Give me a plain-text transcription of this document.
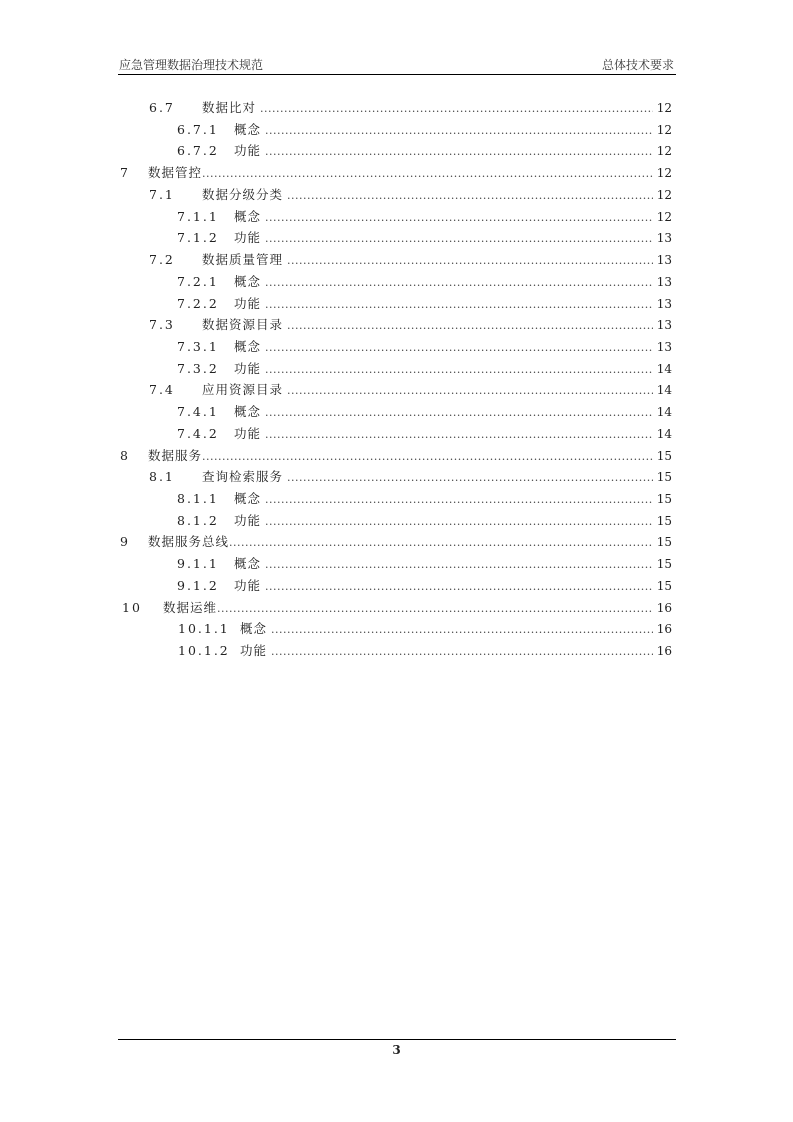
应急管理数据治理技术规范	总体技术要求
6.7	数据比对 .....	12
6.7.1	概念 .....	12
6.7.2	功能 .....	12
7	数据管控 .....	12
7.1	数据分级分类 .....	12
7.1.1	概念 .....	12
7.1.2	功能 .....	13
7.2	数据质量管理 .....	13
7.2.1	概念 .....	13
7.2.2	功能 .....	13
7.3	数据资源目录 .....	13
7.3.1	概念 .....	13
7.3.2	功能 .....	14
7.4	应用资源目录 .....	14
7.4.1	概念 .....	14
7.4.2	功能 .....	14
8	数据服务 .....	15
8.1	查询检索服务 .....	15
8.1.1	概念 .....	15
8.1.2	功能 .....	15
9	数据服务总线 .....	15
9.1.1	概念 .....	15
9.1.2	功能 .....	15
10	数据运维 .....	16
10.1.1 概念 .....	16
10.1.2 功能 .....	16
3
